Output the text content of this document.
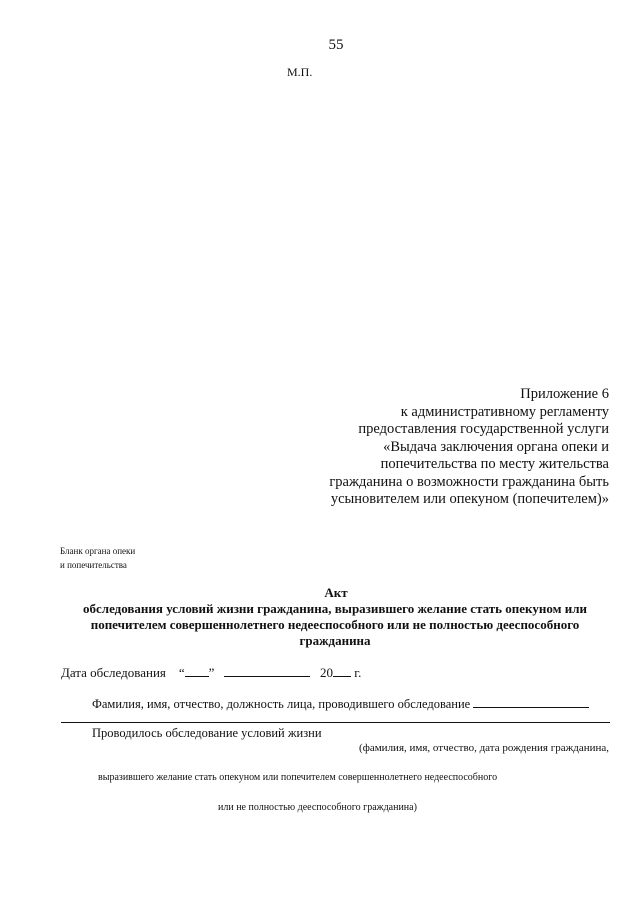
55
М.П.
Приложение 6
к административному регламенту
предоставления государственной услуги
«Выдача заключения органа опеки и
попечительства по месту жительства
гражданина о возможности гражданина быть
усыновителем или опекуном (попечителем)»
Бланк органа опеки
и попечительства
Акт
обследования условий жизни гражданина, выразившего желание стать опекуном или попечителем совершеннолетнего недееспособного или не полностью дееспособного гражданина
Дата обследования “ ”	20 г.
Фамилия, имя, отчество, должность лица, проводившего обследование
Проводилось обследование условий жизни
(фамилия, имя, отчество, дата рождения гражданина,
выразившего желание стать опекуном или попечителем совершеннолетнего недееспособного
или не полностью дееспособного гражданина)
